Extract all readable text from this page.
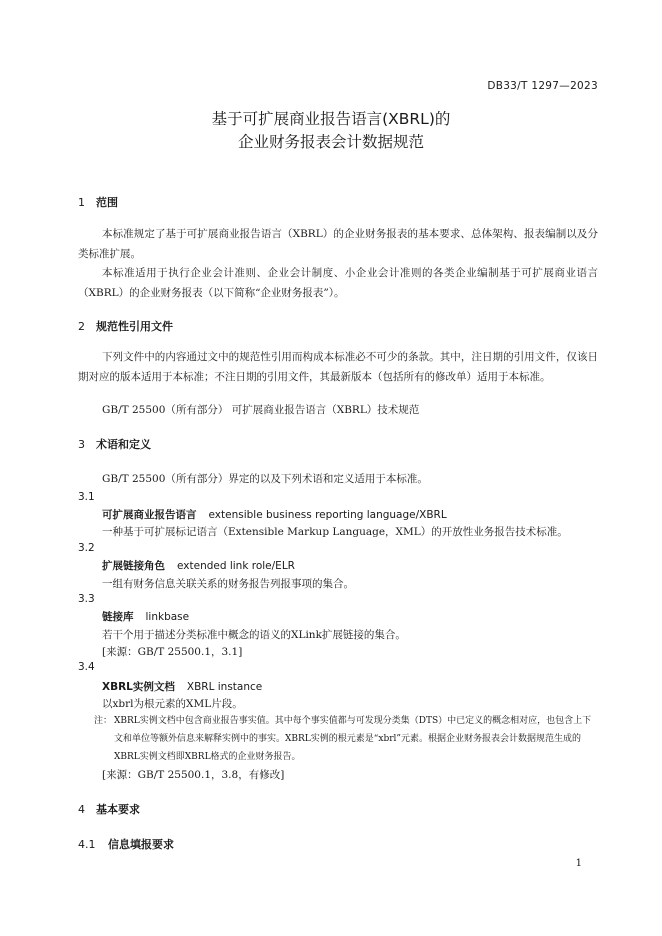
DB33/T 1297—2023
基于可扩展商业报告语言(XBRL)的
企业财务报表会计数据规范
1 范围
本标准规定了基于可扩展商业报告语言（XBRL）的企业财务报表的基本要求、总体架构、报表编制以及分类标准扩展。
本标准适用于执行企业会计准则、企业会计制度、小企业会计准则的各类企业编制基于可扩展商业语言（XBRL）的企业财务报表（以下简称“企业财务报表”）。
2 规范性引用文件
下列文件中的内容通过文中的规范性引用而构成本标准必不可少的条款。其中，注日期的引用文件，仅该日期对应的版本适用于本标准；不注日期的引用文件，其最新版本（包括所有的修改单）适用于本标准。
GB/T 25500（所有部分） 可扩展商业报告语言（XBRL）技术规范
3 术语和定义
GB/T 25500（所有部分）界定的以及下列术语和定义适用于本标准。
3.1
可扩展商业报告语言 extensible business reporting language/XBRL
一种基于可扩展标记语言（Extensible Markup Language，XML）的开放性业务报告技术标准。
3.2
扩展链接角色 extended link role/ELR
一组有财务信息关联关系的财务报告列报事项的集合。
3.3
链接库 linkbase
若干个用于描述分类标准中概念的语义的XLink扩展链接的集合。
[来源：GB/T 25500.1，3.1]
3.4
XBRL实例文档 XBRL instance
以xbrl为根元素的XML片段。
注： XBRL实例文档中包含商业报告事实值。其中每个事实值都与可发现分类集（DTS）中已定义的概念相对应，也包含上下文和单位等额外信息来解释实例中的事实。XBRL实例的根元素是“xbrl”元素。根据企业财务报表会计数据规范生成的XBRL实例文档即XBRL格式的企业财务报告。
[来源：GB/T 25500.1，3.8，有修改]
4 基本要求
4.1 信息填报要求
1
